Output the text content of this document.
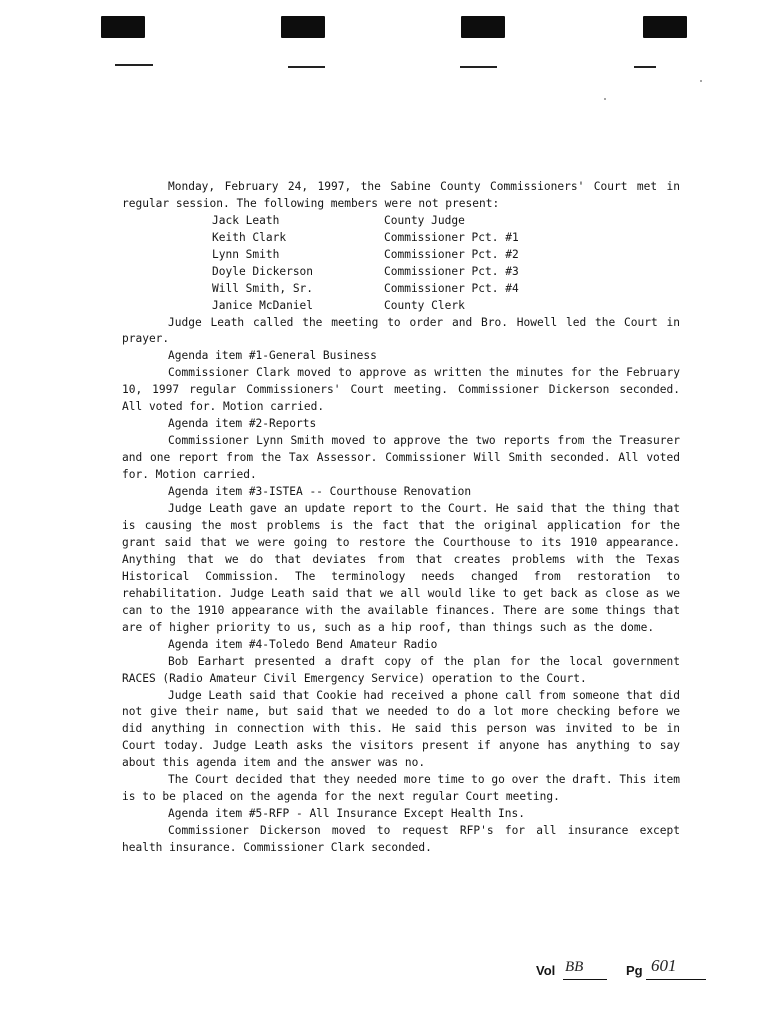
Monday, February 24, 1997, the Sabine County Commissioners' Court met in regular session. The following members were not present:

Jack Leath	County Judge
Keith Clark	Commissioner Pct. #1
Lynn Smith	Commissioner Pct. #2
Doyle Dickerson	Commissioner Pct. #3
Will Smith, Sr.	Commissioner Pct. #4
Janice McDaniel	County Clerk

Judge Leath called the meeting to order and Bro. Howell led the Court in prayer.

Agenda item #1-General Business

Commissioner Clark moved to approve as written the minutes for the February 10, 1997 regular Commissioners' Court meeting. Commissioner Dickerson seconded. All voted for. Motion carried.

Agenda item #2-Reports

Commissioner Lynn Smith moved to approve the two reports from the Treasurer and one report from the Tax Assessor. Commissioner Will Smith seconded. All voted for. Motion carried.

Agenda item #3-ISTEA -- Courthouse Renovation

Judge Leath gave an update report to the Court. He said that the thing that is causing the most problems is the fact that the original application for the grant said that we were going to restore the Courthouse to its 1910 appearance. Anything that we do that deviates from that creates problems with the Texas Historical Commission. The terminology needs changed from restoration to rehabilitation. Judge Leath said that we all would like to get back as close as we can to the 1910 appearance with the available finances. There are some things that are of higher priority to us, such as a hip roof, than things such as the dome.

Agenda item #4-Toledo Bend Amateur Radio

Bob Earhart presented a draft copy of the plan for the local government RACES (Radio Amateur Civil Emergency Service) operation to the Court.

Judge Leath said that Cookie had received a phone call from someone that did not give their name, but said that we needed to do a lot more checking before we did anything in connection with this. He said this person was invited to be in Court today. Judge Leath asks the visitors present if anyone has anything to say about this agenda item and the answer was no.

The Court decided that they needed more time to go over the draft. This item is to be placed on the agenda for the next regular Court meeting.

Agenda item #5-RFP - All Insurance Except Health Ins.

Commissioner Dickerson moved to request RFP's for all insurance except health insurance. Commissioner Clark seconded.

Vol BB	Pg 601
